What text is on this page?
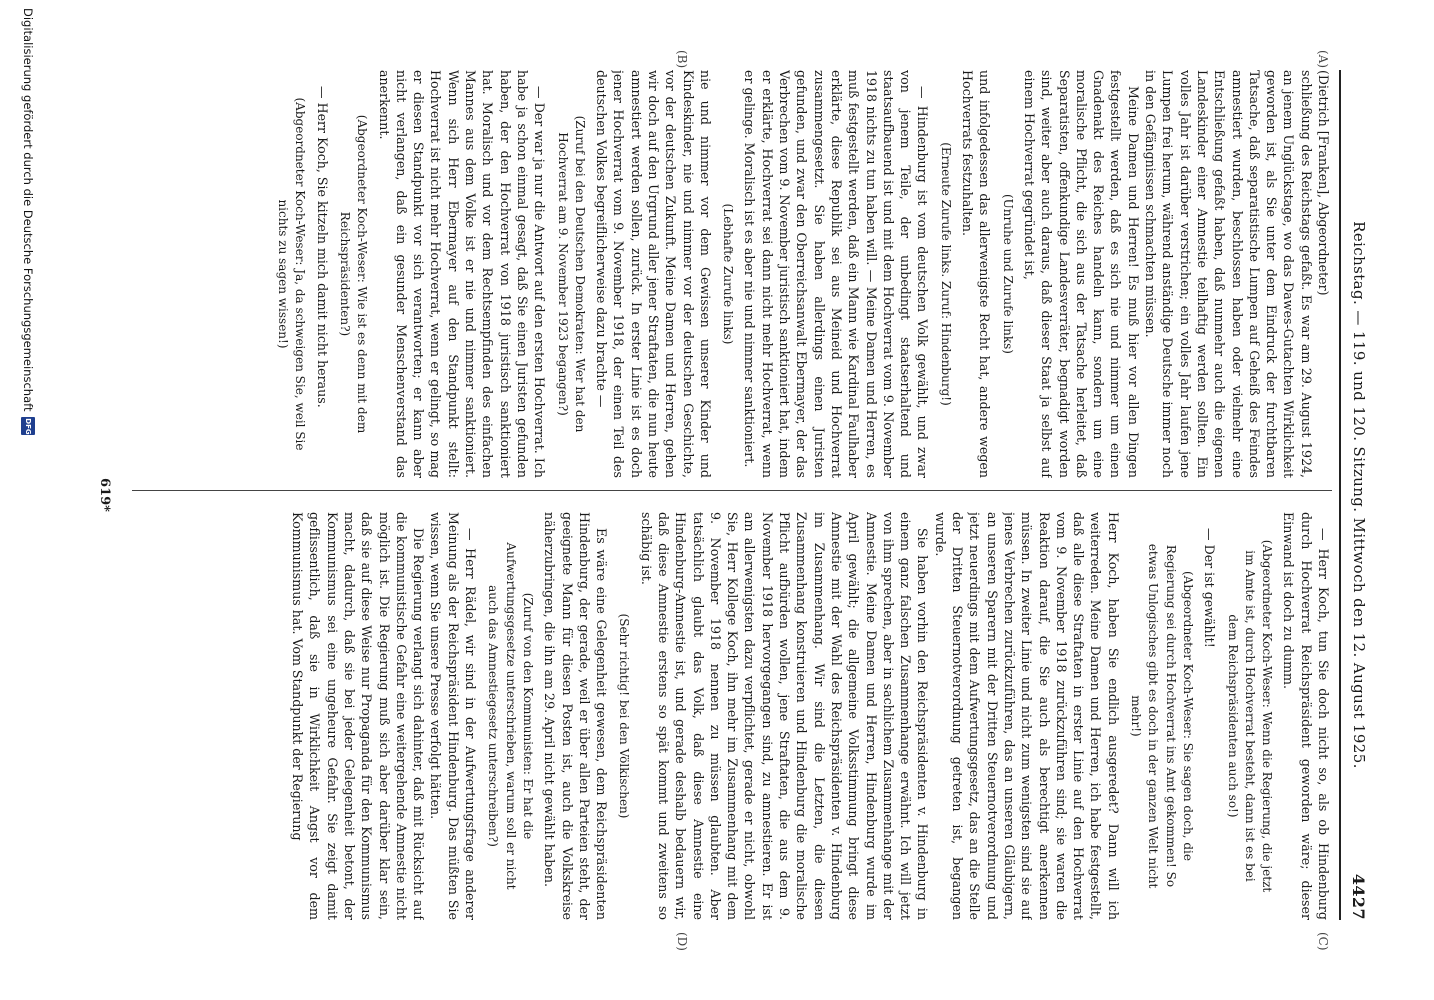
Reichstag. — 119. und 120. Sitzung. Mittwoch den 12. August 1925.
4427
(A)
(B)
(C)
(D)

(Dietrich [Franken], Abgeordneter)

schließung des Reichstags gefaßt. Es war am 29. August 1924, an jenem Unglückstage, wo das Dawes-Gutachten Wirklichkeit geworden ist, als Sie unter dem Eindruck der furchtbaren Tatsache, daß separatistische Lumpen auf Geheiß des Feindes amnestiert wurden, beschlossen haben oder vielmehr eine Entschließung gefaßt haben, daß nunmehr auch die eigenen Landeskinder einer Amnestie teilhaftig werden sollten. Ein volles Jahr ist darüber verstrichen; ein volles Jahr laufen jene Lumpen frei herum, während anständige Deutsche immer noch in den Gefängnissen schmachten müssen.

Meine Damen und Herren! Es muß hier vor allen Dingen festgestellt werden, daß es sich nie und nimmer um einen Gnadenakt des Reiches handeln kann, sondern um eine moralische Pflicht, die sich aus der Tatsache herleitet, daß Separatisten, offenkundige Landesverräter, begnadigt worden sind, weiter aber auch daraus, daß dieser Staat ja selbst auf einem Hochverrat gegründet ist,

(Unruhe und Zurufe links)

und infolgedessen das allerwenigste Recht hat, andere wegen Hochverrats festzuhalten.

(Erneute Zurufe links. Zuruf: Hindenburg!)

— Hindenburg ist vom deutschen Volk gewählt, und zwar von jenem Teile, der unbedingt staatserhaltend und staatsaufbauend ist und mit dem Hochverrat vom 9. November 1918 nichts zu tun haben will. — Meine Damen und Herren, es muß festgestellt werden, daß ein Mann wie Kardinal Faulhaber erklärte, diese Republik sei aus Meineid und Hochverrat zusammengesetzt. Sie haben allerdings einen Juristen gefunden, und zwar den Oberreichsanwalt Ebermayer, der das Verbrechen vom 9. November juristisch sanktioniert hat, indem er erklärte, Hochverrat sei dann nicht mehr Hochverrat, wenn er gelinge. Moralisch ist es aber nie und nimmer sanktioniert.

(Lebhafte Zurufe links)

nie und nimmer vor dem Gewissen unserer Kinder und Kindeskinder, nie und nimmer vor der deutschen Geschichte, vor der deutschen Zukunft. Meine Damen und Herren, gehen wir doch auf den Urgrund aller jener Straftaten, die nun heute amnestiert werden sollen, zurück. In erster Linie ist es doch jener Hochverrat vom 9. November 1918, der einen Teil des deutschen Volkes begreiflicherweise dazu brachte —

(Zuruf bei den Deutschen Demokraten: Wer hat den Hochverrat am 9. November 1923 begangen?)

— Der war ja nur die Antwort auf den ersten Hochverrat. Ich habe ja schon einmal gesagt, daß Sie einen Juristen gefunden haben, der den Hochverrat von 1918 juristisch sanktioniert hat. Moralisch und vor dem Rechtsempfinden des einfachen Mannes aus dem Volke ist er nie und nimmer sanktioniert. Wenn sich Herr Ebermayer auf den Standpunkt stellt: Hochverrat ist nicht mehr Hochverrat, wenn er gelingt, so mag er diesen Standpunkt vor sich verantworten; er kann aber nicht verlangen, daß ein gesunder Menschenverstand das anerkennt.

(Abgeordneter Koch-Weser: Wie ist es denn mit dem Reichspräsidenten?)

— Herr Koch, Sie kitzeln mich damit nicht heraus.

(Abgeordneter Koch-Weser: Ja, da schweigen Sie, weil Sie nichts zu sagen wissen!)

— Herr Koch, tun Sie doch nicht so, als ob Hindenburg durch Hochverrat Reichspräsident geworden wäre; dieser Einwand ist doch zu dumm.

(Abgeordneter Koch-Weser: Wenn die Regierung, die jetzt im Amte ist, durch Hochverrat besteht, dann ist es bei dem Reichspräsidenten auch so!)

— Der ist gewählt!

(Abgeordneter Koch-Weser: Sie sagen doch, die Regierung sei durch Hochverrat ins Amt gekommen! So etwas Unlogisches gibt es doch in der ganzen Welt nicht mehr!)

Herr Koch, haben Sie endlich ausgeredet? Dann will ich weiterreden. Meine Damen und Herren, ich habe festgestellt, daß alle diese Straftaten in erster Linie auf den Hochverrat vom 9. November 1918 zurückzuführen sind; sie waren die Reaktion darauf, die Sie auch als berechtigt anerkennen müssen. In zweiter Linie und nicht zum wenigsten sind sie auf jenes Verbrechen zurückzuführen, das an unseren Gläubigern, an unseren Sparern mit der Dritten Steuernotverordnung und jetzt neuerdings mit dem Aufwertungsgesetz, das an die Stelle der Dritten Steuernotverordnung getreten ist, begangen wurde.

Sie haben vorhin den Reichspräsidenten v. Hindenburg in einem ganz falschen Zusammenhange erwähnt. Ich will jetzt von ihm sprechen, aber in sachlichem Zusammenhange mit der Amnestie. Meine Damen und Herren, Hindenburg wurde im April gewählt; die allgemeine Volksstimmung bringt diese Amnestie mit der Wahl des Reichspräsidenten v. Hindenburg im Zusammenhang. Wir sind die Letzten, die diesen Zusammenhang konstruieren und Hindenburg die moralische Pflicht aufbürden wollen, jene Straftaten, die aus dem 9. November 1918 hervorgegangen sind, zu amnestieren. Er ist am allerwenigsten dazu verpflichtet, gerade er nicht, obwohl Sie, Herr Kollege Koch, ihn mehr im Zusammenhang mit dem 9. November 1918 nennen zu müssen glaubten. Aber tatsächlich glaubt das Volk, daß diese Amnestie eine Hindenburg-Amnestie ist, und gerade deshalb bedauern wir, daß diese Amnestie erstens so spät kommt und zweitens so schäbig ist.

(Sehr richtig! bei den Völkischen)

Es wäre eine Gelegenheit gewesen, dem Reichspräsidenten Hindenburg, der gerade, weil er über allen Parteien steht, der geeignete Mann für diesen Posten ist, auch die Volkskreise näherzubringen, die ihn am 29. April nicht gewählt haben.

(Zuruf von den Kommunisten: Er hat die Aufwertungsgesetze unterschrieben, warum soll er nicht auch das Amnestiegesetz unterschreiben?)

— Herr Rädel, wir sind in der Aufwertungsfrage anderer Meinung als der Reichspräsident Hindenburg. Das müßten Sie wissen, wenn Sie unsere Presse verfolgt hätten.

Die Regierung verlangt sich dahinter, daß mit Rücksicht auf die kommunistische Gefahr eine weitergehende Amnestie nicht möglich ist. Die Regierung muß sich aber darüber klar sein, daß sie auf diese Weise nur Propaganda für den Kommunismus macht, dadurch, daß sie bei jeder Gelegenheit betont, der Kommunismus sei eine ungeheure Gefahr. Sie zeigt damit geflissentlich, daß sie in Wirklichkeit Angst vor dem Kommunismus hat. Vom Standpunkt der Regierung

619*
Digitalisierung gefördert durch die Deutsche Forschungsgemeinschaft
DFG
